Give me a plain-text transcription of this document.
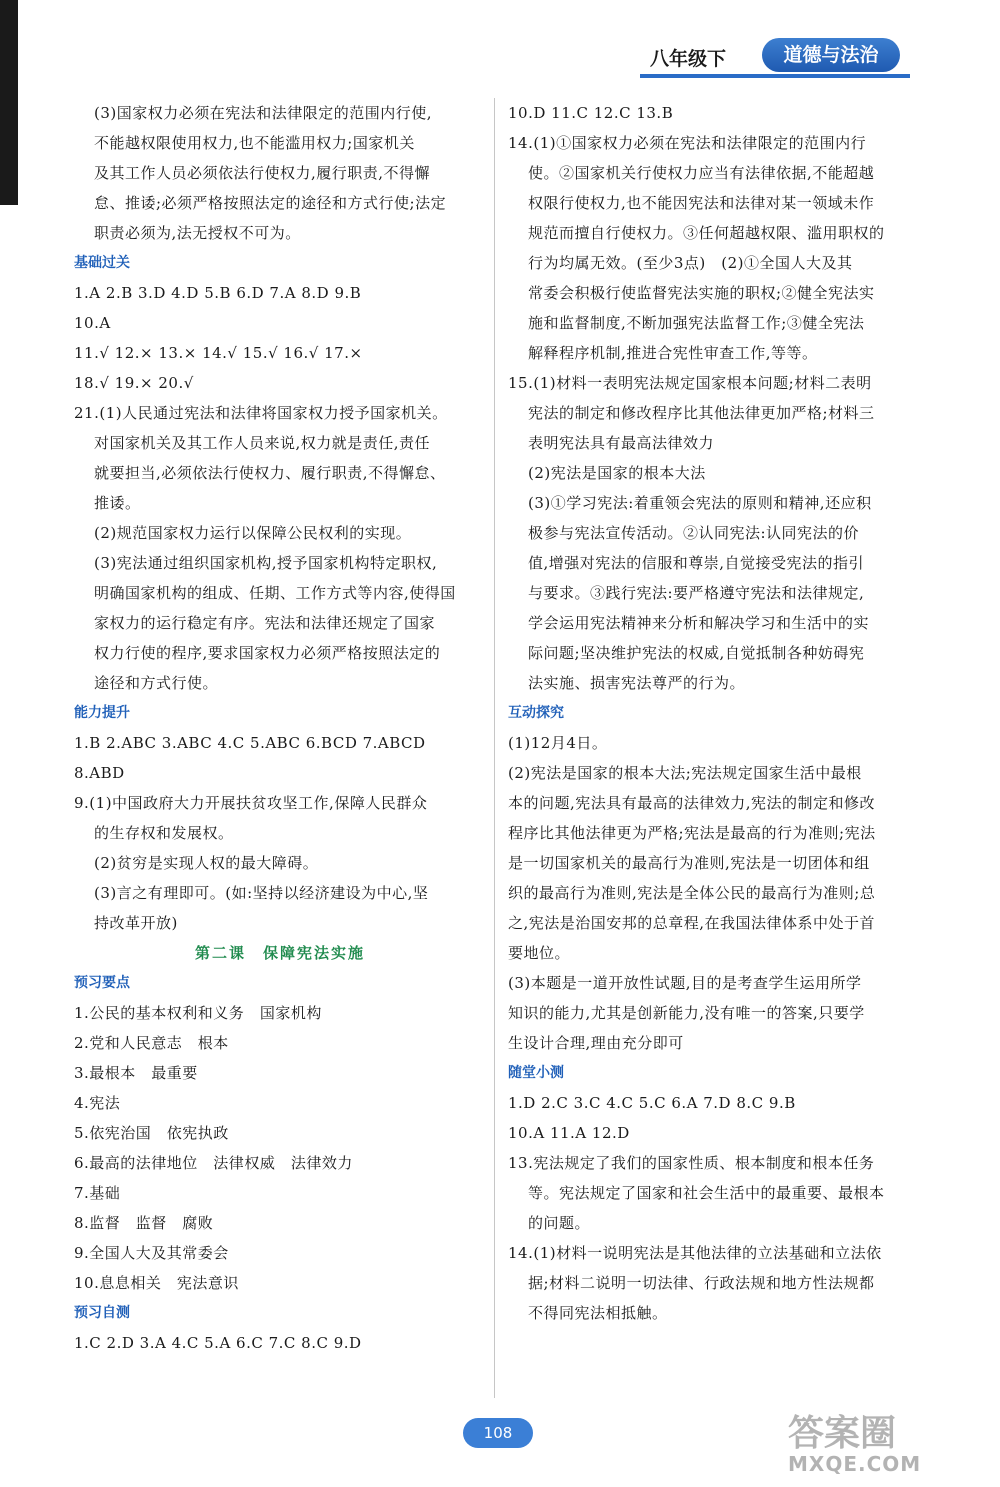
八年级下	道德与法治
(3)国家权力必须在宪法和法律限定的范围内行使,
不能越权限使用权力,也不能滥用权力;国家机关
及其工作人员必须依法行使权力,履行职责,不得懈
怠、推诿;必须严格按照法定的途径和方式行使;法定
职责必须为,法无授权不可为。
基础过关
1.A 2.B 3.D 4.D 5.B 6.D 7.A 8.D 9.B
10.A
11.√ 12.× 13.× 14.√ 15.√ 16.√ 17.×
18.√ 19.× 20.√
21.(1)人民通过宪法和法律将国家权力授予国家机关。
对国家机关及其工作人员来说,权力就是责任,责任
就要担当,必须依法行使权力、履行职责,不得懈怠、
推诿。
(2)规范国家权力运行以保障公民权利的实现。
(3)宪法通过组织国家机构,授予国家机构特定职权,
明确国家机构的组成、任期、工作方式等内容,使得国
家权力的运行稳定有序。宪法和法律还规定了国家
权力行使的程序,要求国家权力必须严格按照法定的
途径和方式行使。
能力提升
1.B 2.ABC 3.ABC 4.C 5.ABC 6.BCD 7.ABCD
8.ABD
9.(1)中国政府大力开展扶贫攻坚工作,保障人民群众
的生存权和发展权。
(2)贫穷是实现人权的最大障碍。
(3)言之有理即可。(如:坚持以经济建设为中心,坚
持改革开放)
第二课　保障宪法实施
预习要点
1.公民的基本权利和义务　国家机构
2.党和人民意志　根本
3.最根本　最重要
4.宪法
5.依宪治国　依宪执政
6.最高的法律地位　法律权威　法律效力
7.基础
8.监督　监督　腐败
9.全国人大及其常委会
10.息息相关　宪法意识
预习自测
1.C 2.D 3.A 4.C 5.A 6.C 7.C 8.C 9.D
10.D 11.C 12.C 13.B
14.(1)①国家权力必须在宪法和法律限定的范围内行
使。②国家机关行使权力应当有法律依据,不能超越
权限行使权力,也不能因宪法和法律对某一领域未作
规范而擅自行使权力。③任何超越权限、滥用职权的
行为均属无效。(至少3点)　(2)①全国人大及其
常委会积极行使监督宪法实施的职权;②健全宪法实
施和监督制度,不断加强宪法监督工作;③健全宪法
解释程序机制,推进合宪性审查工作,等等。
15.(1)材料一表明宪法规定国家根本问题;材料二表明
宪法的制定和修改程序比其他法律更加严格;材料三
表明宪法具有最高法律效力
(2)宪法是国家的根本大法
(3)①学习宪法:着重领会宪法的原则和精神,还应积
极参与宪法宣传活动。②认同宪法:认同宪法的价
值,增强对宪法的信服和尊崇,自觉接受宪法的指引
与要求。③践行宪法:要严格遵守宪法和法律规定,
学会运用宪法精神来分析和解决学习和生活中的实
际问题;坚决维护宪法的权威,自觉抵制各种妨碍宪
法实施、损害宪法尊严的行为。
互动探究
(1)12月4日。
(2)宪法是国家的根本大法;宪法规定国家生活中最根
本的问题,宪法具有最高的法律效力,宪法的制定和修改
程序比其他法律更为严格;宪法是最高的行为准则;宪法
是一切国家机关的最高行为准则,宪法是一切团体和组
织的最高行为准则,宪法是全体公民的最高行为准则;总
之,宪法是治国安邦的总章程,在我国法律体系中处于首
要地位。
(3)本题是一道开放性试题,目的是考查学生运用所学
知识的能力,尤其是创新能力,没有唯一的答案,只要学
生设计合理,理由充分即可
随堂小测
1.D 2.C 3.C 4.C 5.C 6.A 7.D 8.C 9.B
10.A 11.A 12.D
13.宪法规定了我们的国家性质、根本制度和根本任务
等。宪法规定了国家和社会生活中的最重要、最根本
的问题。
14.(1)材料一说明宪法是其他法律的立法基础和立法依
据;材料二说明一切法律、行政法规和地方性法规都
不得同宪法相抵触。
108	答案圈
MXQE.COM
